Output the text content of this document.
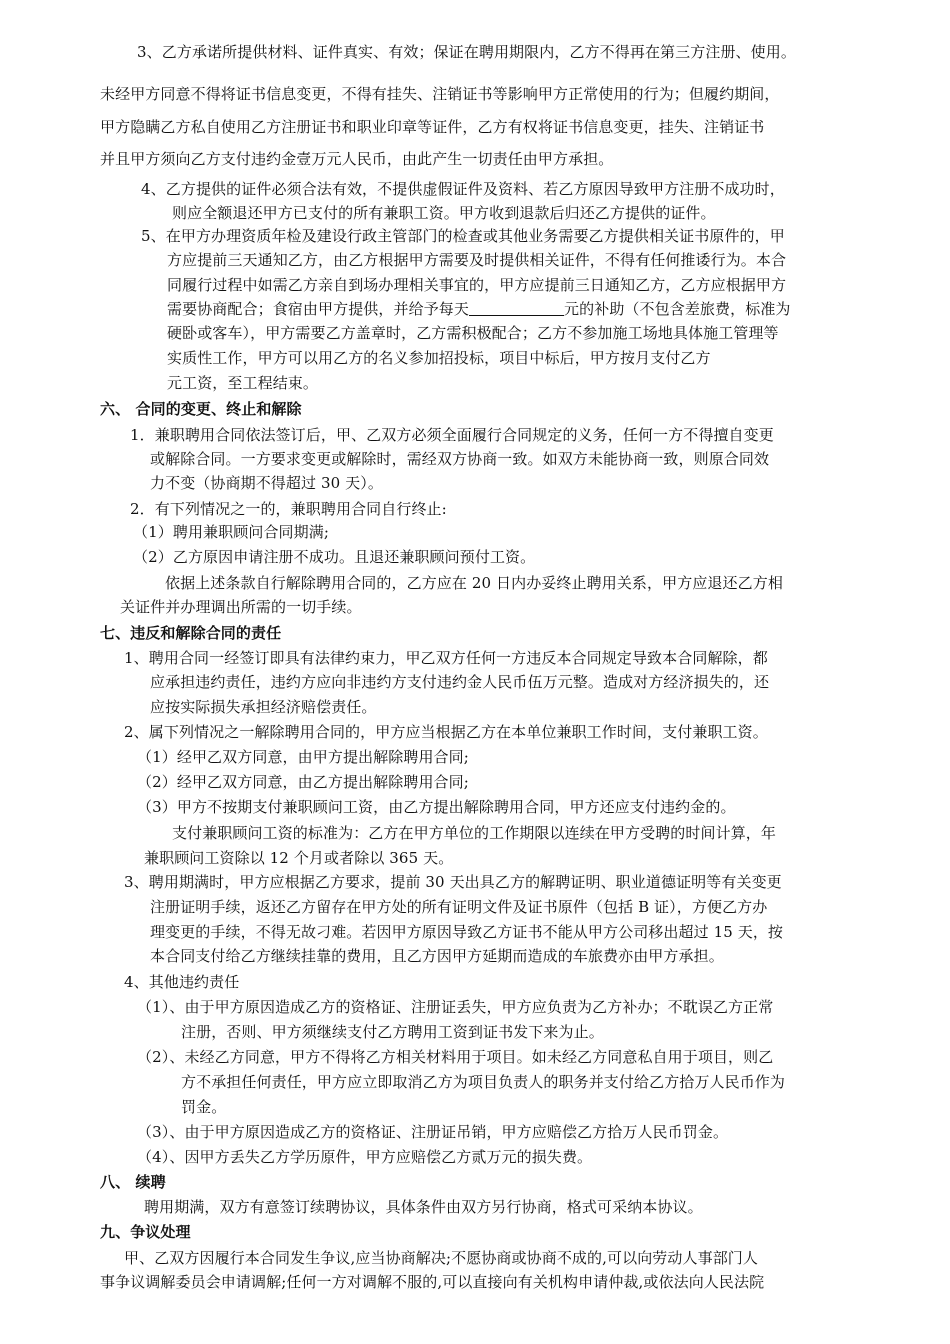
3、乙方承诺所提供材料、证件真实、有效；保证在聘用期限内，乙方不得再在第三方注册、使用。
未经甲方同意不得将证书信息变更，不得有挂失、注销证书等影响甲方正常使用的行为；但履约期间，
甲方隐瞒乙方私自使用乙方注册证书和职业印章等证件，乙方有权将证书信息变更，挂失、注销证书
并且甲方须向乙方支付违约金壹万元人民币，由此产生一切责任由甲方承担。
4、乙方提供的证件必须合法有效，不提供虚假证件及资料、若乙方原因导致甲方注册不成功时，
则应全额退还甲方已支付的所有兼职工资。甲方收到退款后归还乙方提供的证件。
5、在甲方办理资质年检及建设行政主管部门的检查或其他业务需要乙方提供相关证书原件的，甲
方应提前三天通知乙方，由乙方根据甲方需要及时提供相关证件，不得有任何推诿行为。本合
同履行过程中如需乙方亲自到场办理相关事宜的，甲方应提前三日通知乙方，乙方应根据甲方
需要协商配合；食宿由甲方提供，并给予每天	元的补助（不包含差旅费，标准为
硬卧或客车），甲方需要乙方盖章时，乙方需积极配合；乙方不参加施工场地具体施工管理等
实质性工作，甲方可以用乙方的名义参加招投标，项目中标后，甲方按月支付乙方
元工资，至工程结束。
六、 合同的变更、终止和解除
1．兼职聘用合同依法签订后，甲、乙双方必须全面履行合同规定的义务，任何一方不得擅自变更
或解除合同。一方要求变更或解除时，需经双方协商一致。如双方未能协商一致，则原合同效
力不变（协商期不得超过 30 天）。
2．有下列情况之一的，兼职聘用合同自行终止:
（1）聘用兼职顾问合同期满;
（2）乙方原因申请注册不成功。且退还兼职顾问预付工资。
依据上述条款自行解除聘用合同的，乙方应在 20 日内办妥终止聘用关系，甲方应退还乙方相
关证件并办理调出所需的一切手续。
七、违反和解除合同的责任
1、聘用合同一经签订即具有法律约束力，甲乙双方任何一方违反本合同规定导致本合同解除，都
应承担违约责任，违约方应向非违约方支付违约金人民币伍万元整。造成对方经济损失的，还
应按实际损失承担经济赔偿责任。
2、属下列情况之一解除聘用合同的，甲方应当根据乙方在本单位兼职工作时间，支付兼职工资。
（1）经甲乙双方同意，由甲方提出解除聘用合同;
（2）经甲乙双方同意，由乙方提出解除聘用合同;
（3）甲方不按期支付兼职顾问工资，由乙方提出解除聘用合同，甲方还应支付违约金的。
支付兼职顾问工资的标准为：乙方在甲方单位的工作期限以连续在甲方受聘的时间计算，年
兼职顾问工资除以 12 个月或者除以 365 天。
3、聘用期满时，甲方应根据乙方要求，提前 30 天出具乙方的解聘证明、职业道德证明等有关变更
注册证明手续，返还乙方留存在甲方处的所有证明文件及证书原件（包括 B 证），方便乙方办
理变更的手续，不得无故刁难。若因甲方原因导致乙方证书不能从甲方公司移出超过 15 天，按
本合同支付给乙方继续挂靠的费用，且乙方因甲方延期而造成的车旅费亦由甲方承担。
4、其他违约责任
（1）、由于甲方原因造成乙方的资格证、注册证丢失，甲方应负责为乙方补办；不耽误乙方正常
注册，否则、甲方须继续支付乙方聘用工资到证书发下来为止。
（2）、未经乙方同意，甲方不得将乙方相关材料用于项目。如未经乙方同意私自用于项目，则乙
方不承担任何责任，甲方应立即取消乙方为项目负责人的职务并支付给乙方拾万人民币作为
罚金。
（3）、由于甲方原因造成乙方的资格证、注册证吊销，甲方应赔偿乙方拾万人民币罚金。
（4）、因甲方丢失乙方学历原件，甲方应赔偿乙方贰万元的损失费。
八、 续聘
聘用期满，双方有意签订续聘协议，具体条件由双方另行协商，格式可采纳本协议。
九、争议处理
甲、乙双方因履行本合同发生争议,应当协商解决;不愿协商或协商不成的,可以向劳动人事部门人
事争议调解委员会申请调解;任何一方对调解不服的,可以直接向有关机构申请仲裁,或依法向人民法院
